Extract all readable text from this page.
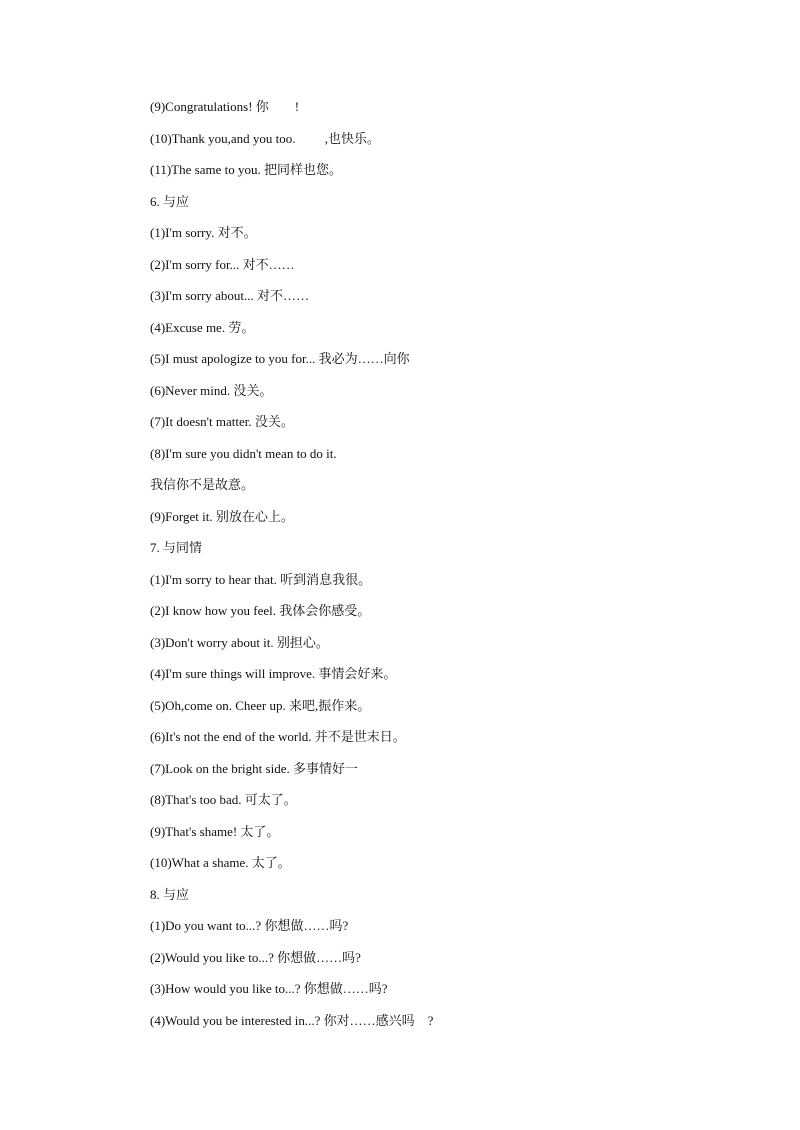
(9)Congratulations! 你        !
(10)Thank you,and you too.         ,也快乐。
(11)The same to you. 把同样也您。
6. 与应
(1)I'm sorry. 对不。
(2)I'm sorry for... 对不……
(3)I'm sorry about... 对不……
(4)Excuse me. 劳。
(5)I must apologize to you for... 我必为……向你
(6)Never mind. 没关。
(7)It doesn't matter. 没关。
(8)I'm sure you didn't mean to do it.
我信你不是故意。
(9)Forget it. 别放在心上。
7. 与同情
(1)I'm sorry to hear that. 听到消息我很。
(2)I know how you feel. 我体会你感受。
(3)Don't worry about it. 别担心。
(4)I'm sure things will improve. 事情会好来。
(5)Oh,come on. Cheer up. 来吧,振作来。
(6)It's not the end of the world. 并不是世末日。
(7)Look on the bright side. 多事情好一
(8)That's too bad. 可太了。
(9)That's shame! 太了。
(10)What a shame. 太了。
8. 与应
(1)Do you want to...? 你想做……吗?
(2)Would you like to...? 你想做……吗?
(3)How would you like to...? 你想做……吗?
(4)Would you be interested in...? 你对……感兴吗    ?
